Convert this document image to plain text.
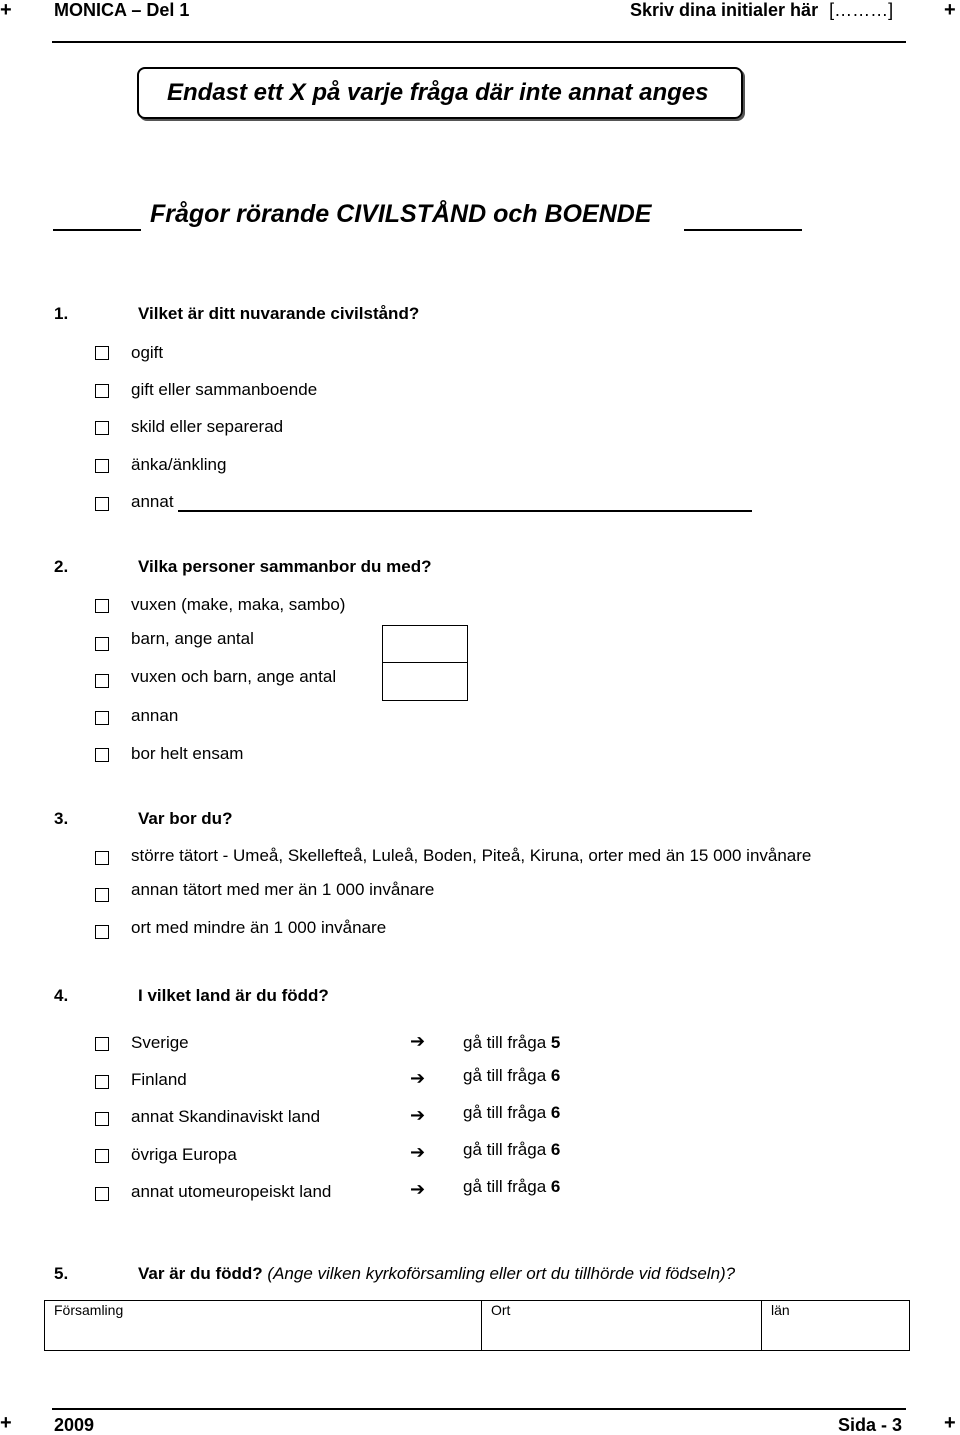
+	+
+	+
MONICA – Del 1	Skriv dina initialer här [………]
Endast ett X på varje fråga där inte annat anges
Frågor rörande CIVILSTÅND och BOENDE
1.	Vilket är ditt nuvarande civilstånd?
ogift
gift eller sammanboende
skild eller separerad
änka/änkling
annat
2.	Vilka personer sammanbor du med?
vuxen (make, maka, sambo)
barn, ange antal
vuxen och barn, ange antal
annan
bor helt ensam
3.	Var bor du?
större tätort - Umeå, Skellefteå, Luleå, Boden, Piteå, Kiruna, orter med än 15 000 invånare
annan tätort med mer än 1 000 invånare
ort med mindre än 1 000 invånare
4.	I vilket land är du född?
Sverige	➔ gå till fråga 5
Finland	➔ gå till fråga 6
annat Skandinaviskt land	➔ gå till fråga 6
övriga Europa	➔ gå till fråga 6
annat utomeuropeiskt land	➔ gå till fråga 6
5.	Var är du född? (Ange vilken kyrkoförsamling eller ort du tillhörde vid födseln)?
Församling	Ort	län
2009	Sida - 3
